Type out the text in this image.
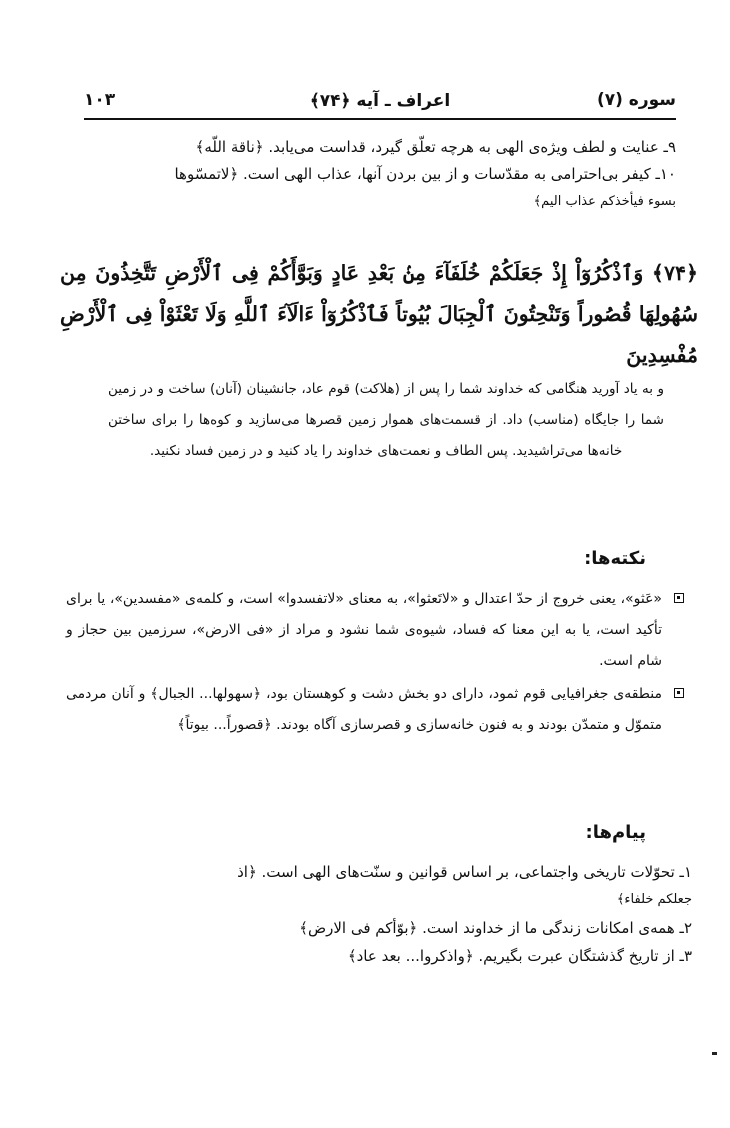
سوره (۷)
اعراف ـ آیه ﴿۷۴﴾
۱۰۳

۹ـ عنایت و لطف ویژه‌ی الهی به هرچه تعلّق گیرد، قداست می‌یابد. ﴿ناقة اللّه﴾

۱۰ـ کیفر بی‌احترامی به مقدّسات و از بین بردن آنها، عذاب الهی است. ﴿لاتمسّوها

بسوء فیأخذکم عذاب الیم﴾

﴿۷۴﴾ وَٱذْكُرُوٓاْ إِذْ جَعَلَكُمْ خُلَفَآءَ مِنۢ بَعْدِ عَادٍ وَبَوَّأَكُمْ فِى ٱلْأَرْضِ تَتَّخِذُونَ مِن سُهُولِهَا قُصُوراً وَتَنْحِتُونَ ٱلْجِبَالَ بُيُوتاً فَٱذْكُرُوٓاْ ءَالَآءَ ٱللَّهِ وَلَا تَعْثَوْاْ فِى ٱلْأَرْضِ مُفْسِدِينَ
و به یاد آورید هنگامی که خداوند شما را پس از (هلاکت) قوم عاد، جانشینان (آنان) ساخت و در زمین شما را جایگاه (مناسب) داد. از قسمت‌های هموار زمین قصرها می‌سازید و کوه‌ها را برای ساختن خانه‌ها می‌تراشیدید. پس الطاف و نعمت‌های خداوند را یاد کنید و در زمین فساد نکنید.
نکته‌ها:

«عَثو»، یعنی خروج از حدّ اعتدال و «لاتَعثوا»، به معنای «لاتفسدوا» است، و کلمه‌ی «مفسدین»، یا برای تأکید است، یا به این معنا که فساد، شیوه‌ی شما نشود و مراد از «فی الارض»، سرزمین بین حجاز و شام است.

منطقه‌ی جغرافیایی قوم ثمود، دارای دو بخش دشت و کوهستان بود، ﴿سهولها... الجبال﴾ و آنان مردمی متموّل و متمدّن بودند و به فنون خانه‌سازی و قصرسازی آگاه بودند. ﴿قصوراً... بیوتاً﴾

پیام‌ها:

۱ـ تحوّلات تاریخی واجتماعی، بر اساس قوانین و سنّت‌های الهی است. ﴿اذ

جعلکم خلفاء﴾

۲ـ همه‌ی امکانات زندگی ما از خداوند است. ﴿بوّأکم فی الارض﴾

۳ـ از تاریخ گذشتگان عبرت بگیریم. ﴿واذکروا... بعد عاد﴾
